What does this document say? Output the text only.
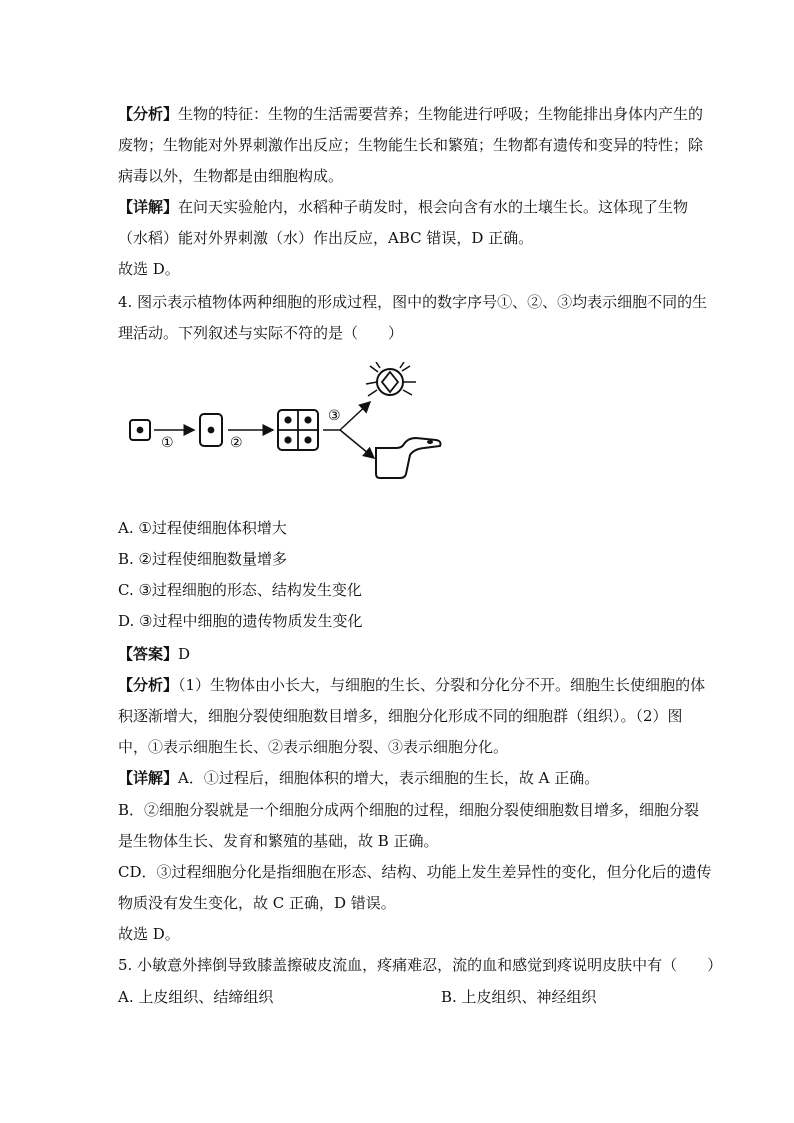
【分析】生物的特征：生物的生活需要营养；生物能进行呼吸；生物能排出身体内产生的
废物；生物能对外界刺激作出反应；生物能生长和繁殖；生物都有遗传和变异的特性；除
病毒以外，生物都是由细胞构成。
【详解】在问天实验舱内，水稻种子萌发时，根会向含有水的土壤生长。这体现了生物
（水稻）能对外界刺激（水）作出反应，ABC 错误，D 正确。
故选 D。
4. 图示表示植物体两种细胞的形成过程，图中的数字序号①、②、③均表示细胞不同的生
理活动。下列叙述与实际不符的是（　　）
①	②
③
A. ①过程使细胞体积增大
B. ②过程使细胞数量增多
C. ③过程细胞的形态、结构发生变化
D. ③过程中细胞的遗传物质发生变化
【答案】D
【分析】（1）生物体由小长大，与细胞的生长、分裂和分化分不开。细胞生长使细胞的体
积逐渐增大，细胞分裂使细胞数目增多，细胞分化形成不同的细胞群（组织）。（2）图
中，①表示细胞生长、②表示细胞分裂、③表示细胞分化。
【详解】A．①过程后，细胞体积的增大，表示细胞的生长，故 A 正确。
B．②细胞分裂就是一个细胞分成两个细胞的过程，细胞分裂使细胞数目增多，细胞分裂
是生物体生长、发育和繁殖的基础，故 B 正确。
CD．③过程细胞分化是指细胞在形态、结构、功能上发生差异性的变化，但分化后的遗传
物质没有发生变化，故 C 正确，D 错误。
故选 D。
5. 小敏意外摔倒导致膝盖擦破皮流血，疼痛难忍，流的血和感觉到疼说明皮肤中有（　　）
A. 上皮组织、结缔组织	B. 上皮组织、神经组织
